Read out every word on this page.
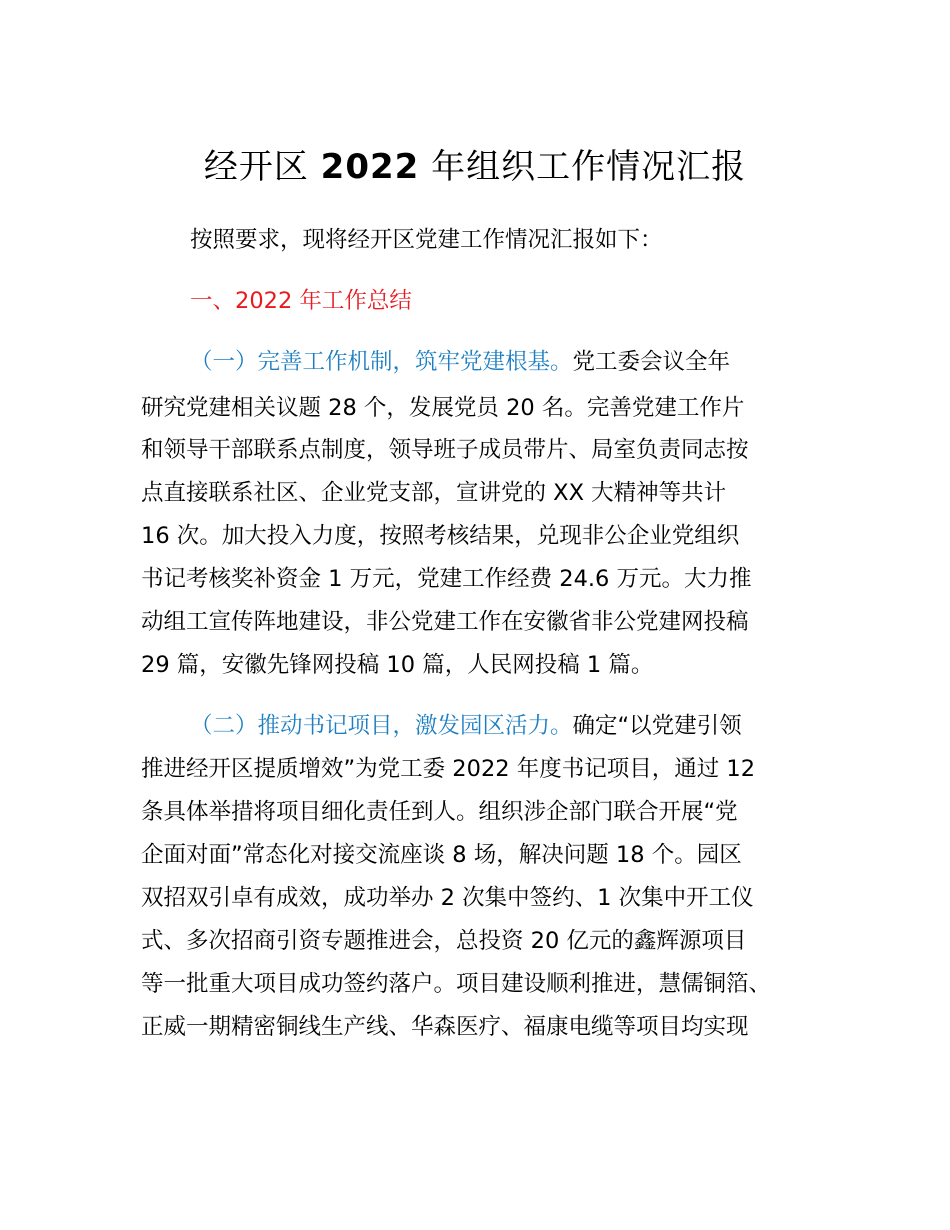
经开区 2022 年组织工作情况汇报
按照要求，现将经开区党建工作情况汇报如下：
一、2022 年工作总结
（一）完善工作机制，筑牢党建根基。党工委会议全年
研究党建相关议题 28 个，发展党员 20 名。完善党建工作片
和领导干部联系点制度，领导班子成员带片、局室负责同志按
点直接联系社区、企业党支部，宣讲党的 XX 大精神等共计
16 次。加大投入力度，按照考核结果，兑现非公企业党组织
书记考核奖补资金 1 万元，党建工作经费 24.6 万元。大力推
动组工宣传阵地建设，非公党建工作在安徽省非公党建网投稿
29 篇，安徽先锋网投稿 10 篇，人民网投稿 1 篇。
（二）推动书记项目，激发园区活力。确定“以党建引领
推进经开区提质增效”为党工委 2022 年度书记项目，通过 12
条具体举措将项目细化责任到人。组织涉企部门联合开展“党
企面对面”常态化对接交流座谈 8 场，解决问题 18 个。园区
双招双引卓有成效，成功举办 2 次集中签约、1 次集中开工仪
式、多次招商引资专题推进会，总投资 20 亿元的鑫辉源项目
等一批重大项目成功签约落户。项目建设顺利推进，慧儒铜箔、
正威一期精密铜线生产线、华森医疗、福康电缆等项目均实现
